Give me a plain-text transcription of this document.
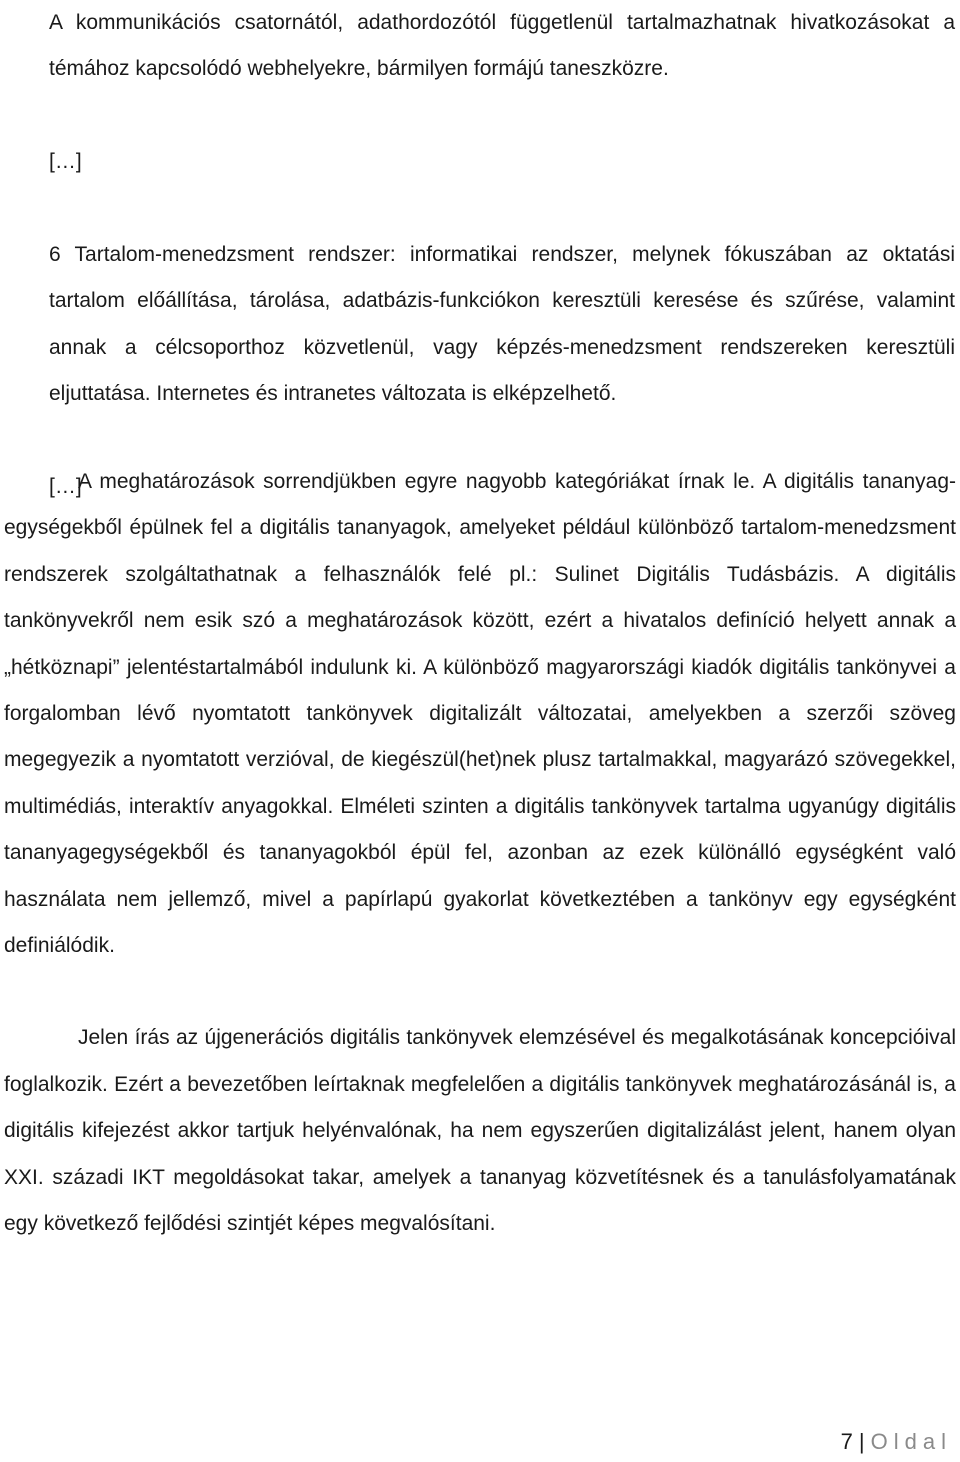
A kommunikációs csatornától, adathordozótól függetlenül tartalmazhatnak hivatkozásokat a témához kapcsolódó webhelyekre, bármilyen formájú taneszközre.

[…]

6 Tartalom-menedzsment rendszer: informatikai rendszer, melynek fókuszában az oktatási tartalom előállítása, tárolása, adatbázis-funkciókon keresztüli keresése és szűrése, valamint annak a célcsoporthoz közvetlenül, vagy képzés-menedzsment rendszereken keresztüli eljuttatása. Internetes és intranetes változata is elképzelhető.

[…]

A meghatározások sorrendjükben egyre nagyobb kategóriákat írnak le. A digitális tananyag-egységekből épülnek fel a digitális tananyagok, amelyeket például különböző tartalom-menedzsment rendszerek szolgáltathatnak a felhasználók felé pl.: Sulinet Digitális Tudásbázis. A digitális tankönyvekről nem esik szó a meghatározások között, ezért a hivatalos definíció helyett annak a „hétköznapi” jelentéstartalmából indulunk ki. A különböző magyarországi kiadók digitális tankönyvei a forgalomban lévő nyomtatott tankönyvek digitalizált változatai, amelyekben a szerzői szöveg megegyezik a nyomtatott verzióval, de kiegészül(het)nek plusz tartalmakkal, magyarázó szövegekkel, multimédiás, interaktív anyagokkal. Elméleti szinten a digitális tankönyvek tartalma ugyanúgy digitális tananyagegységekből és tananyagokból épül fel, azonban az ezek különálló egységként való használata nem jellemző, mivel a papírlapú gyakorlat következtében a tankönyv egy egységként definiálódik.

Jelen írás az újgenerációs digitális tankönyvek elemzésével és megalkotásának koncepcióival foglalkozik. Ezért a bevezetőben leírtaknak megfelelően a digitális tankönyvek meghatározásánál is, a digitális kifejezést akkor tartjuk helyénvalónak, ha nem egyszerűen digitalizálást jelent, hanem olyan XXI. századi IKT megoldásokat takar, amelyek a tananyag közvetítésnek és a tanulásfolyamatának egy következő fejlődési szintjét képes megvalósítani.

7 | Oldal
